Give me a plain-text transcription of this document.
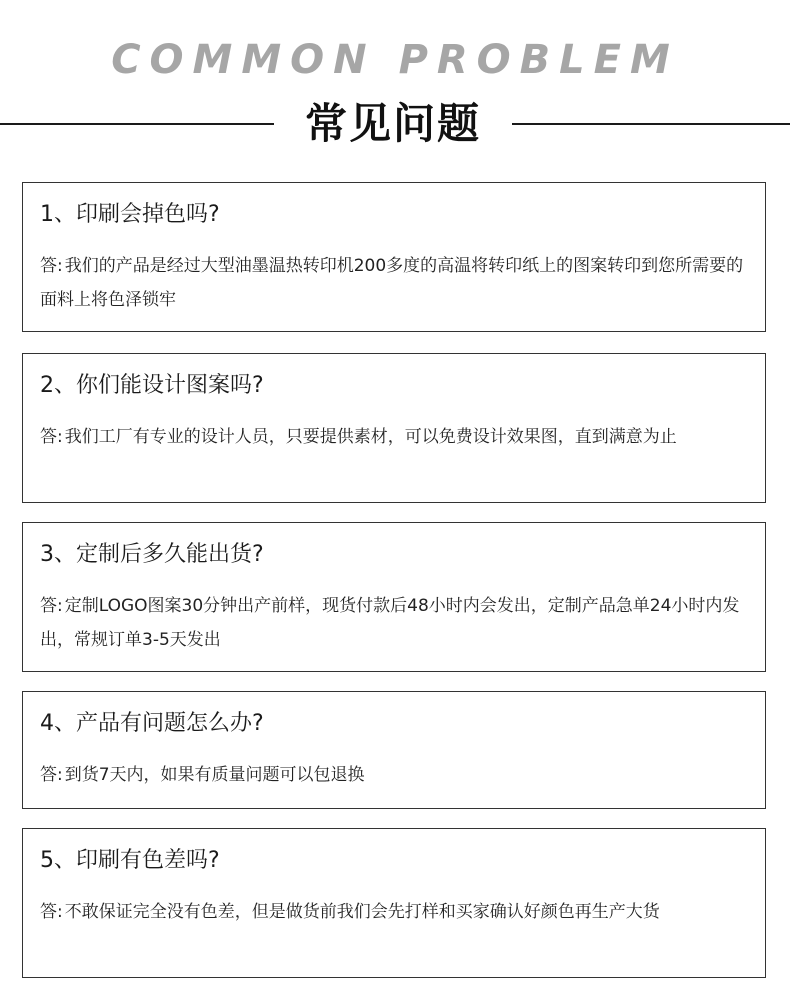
COMMON PROBLEM
常见问题
1、印刷会掉色吗?
答: 我们的产品是经过大型油墨温热转印机200多度的高温将转印纸上的图案转印到您所需要的面料上将色泽锁牢
2、你们能设计图案吗?
答: 我们工厂有专业的设计人员，只要提供素材，可以免费设计效果图，直到满意为止
3、定制后多久能出货?
答: 定制LOGO图案30分钟出产前样，现货付款后48小时内会发出，定制产品急单24小时内发出，常规订单3-5天发出
4、产品有问题怎么办?
答: 到货7天内，如果有质量问题可以包退换
5、印刷有色差吗?
答: 不敢保证完全没有色差，但是做货前我们会先打样和买家确认好颜色再生产大货
